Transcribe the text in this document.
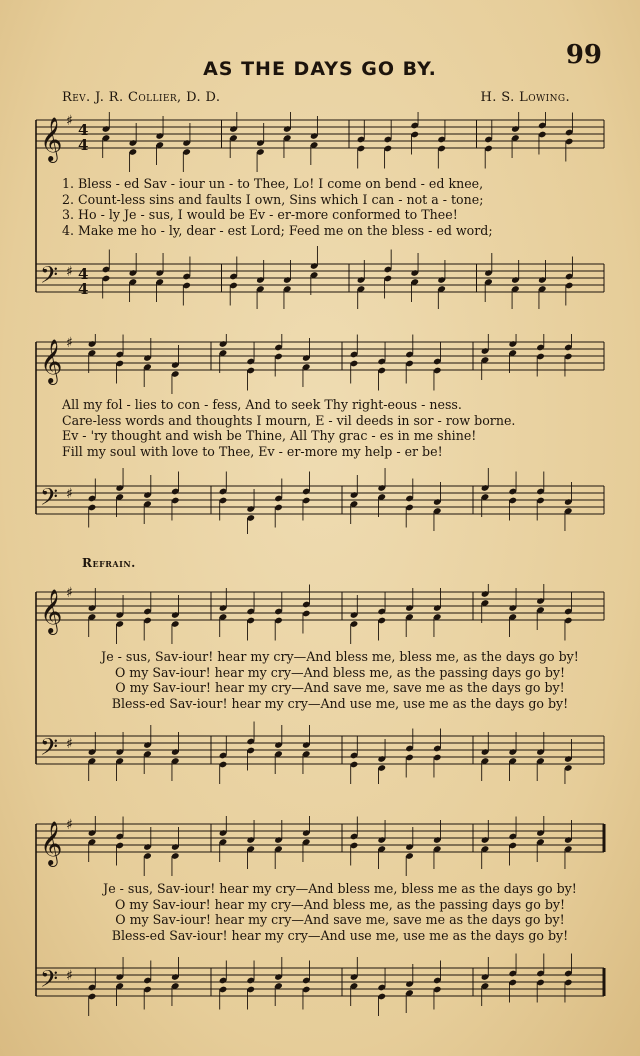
99
AS THE DAYS GO BY.
Rev. J. R. Collier, D. D.	H. S. Lowing.
Refrain.
𝄞
𝄢
♯
♯
4
4
4
4
1. Bless - ed Sav - iour un - to Thee, Lo! I come on bend - ed knee,
2. Count-less sins and faults I own, Sins which I can - not a - tone;
3. Ho - ly Je - sus, I would be Ev - er-more conformed to Thee!
4. Make me ho - ly, dear - est Lord; Feed me on the bless - ed word;
𝄞
𝄢
♯
♯
All my fol - lies to con - fess, And to seek Thy right-eous - ness.
Care-less words and thoughts I mourn, E - vil deeds in sor - row borne.
Ev - 'ry thought and wish be Thine, All Thy grac - es in me shine!
Fill my soul with love to Thee, Ev - er-more my help - er be!
𝄞
𝄢
♯
♯
Je - sus, Sav-iour! hear my cry—And bless me, bless me, as the days go by!
O my Sav-iour! hear my cry—And bless me, as the passing days go by!
O my Sav-iour! hear my cry—And save me, save me as the days go by!
Bless-ed Sav-iour! hear my cry—And use me, use me as the days go by!
𝄞
𝄢
♯
♯
Je - sus, Sav-iour! hear my cry—And bless me, bless me as the days go by!
O my Sav-iour! hear my cry—And bless me, as the passing days go by!
O my Sav-iour! hear my cry—And save me, save me as the days go by!
Bless-ed Sav-iour! hear my cry—And use me, use me as the days go by!
